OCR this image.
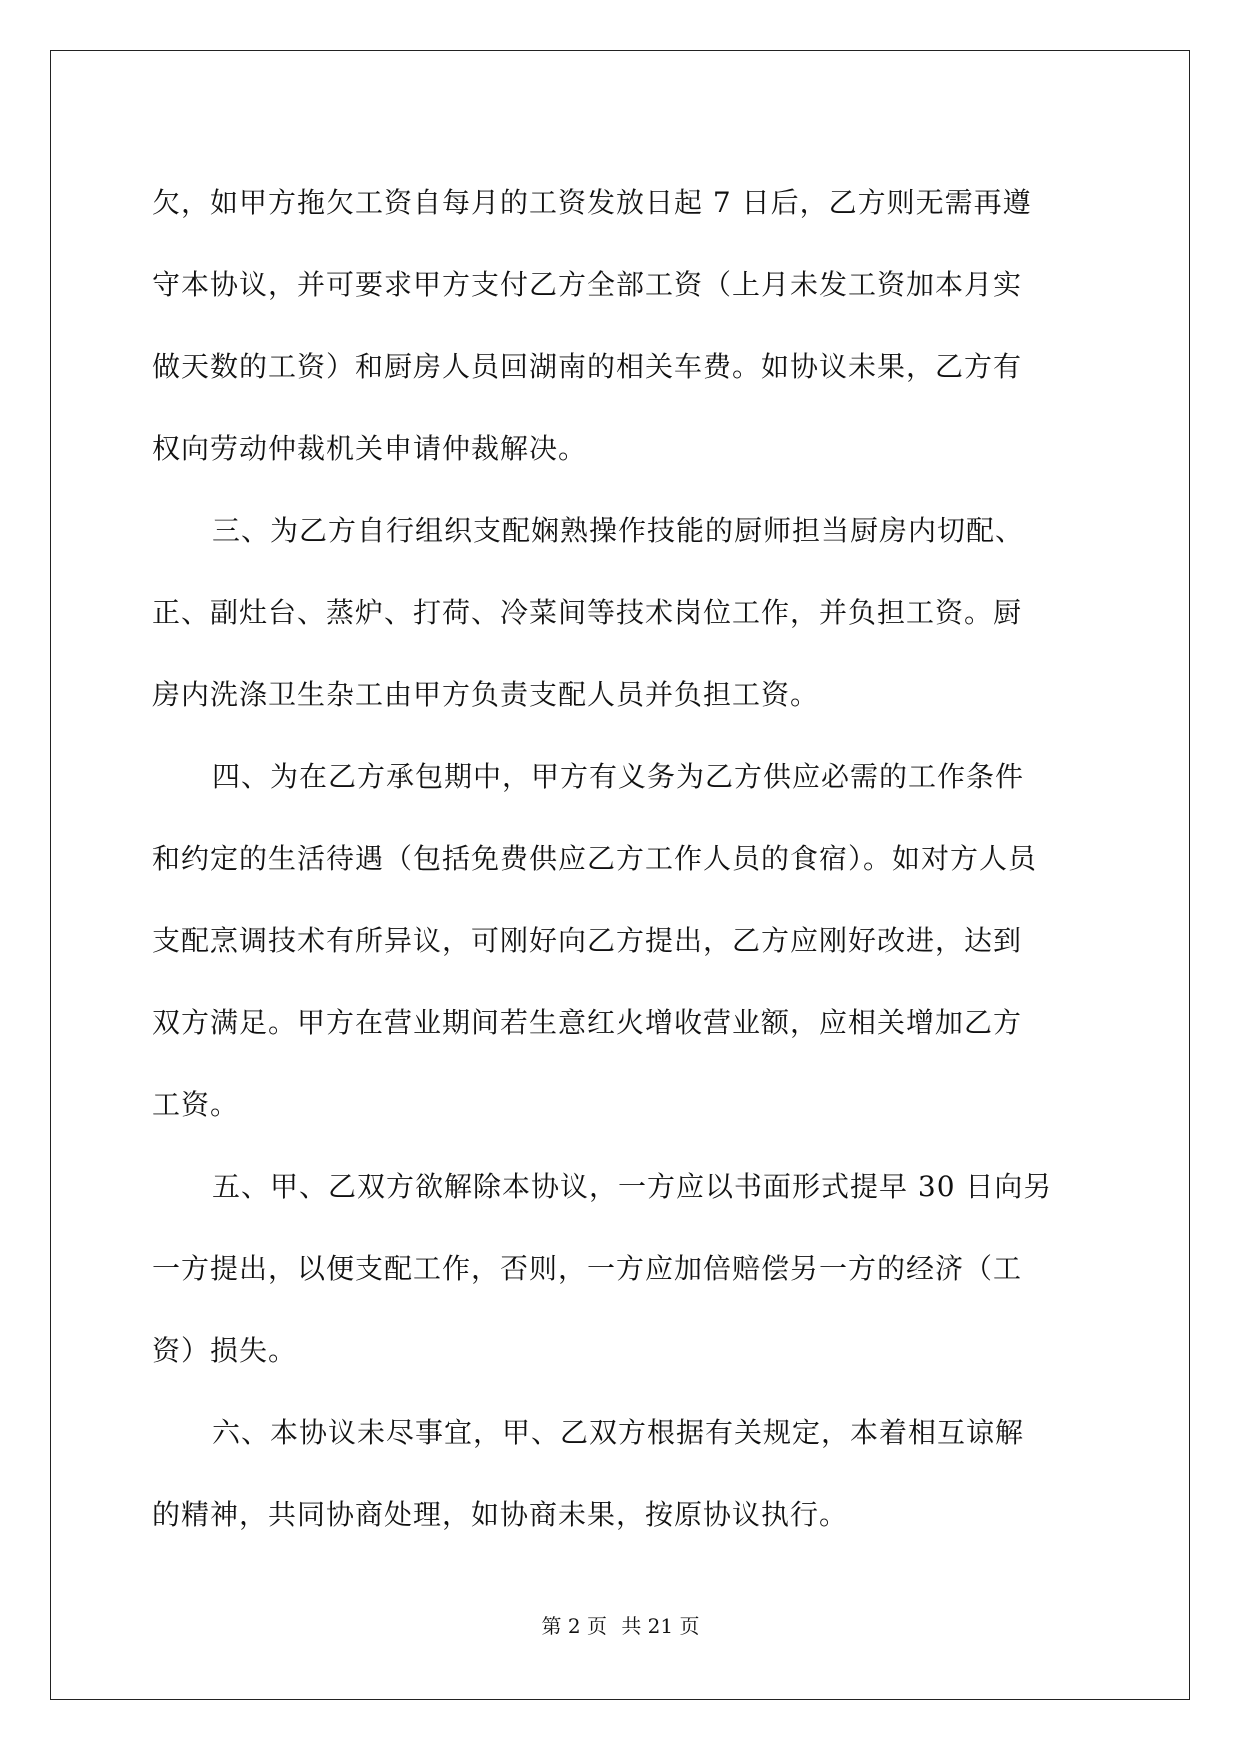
欠，如甲方拖欠工资自每月的工资发放日起 7 日后，乙方则无需再遵
守本协议，并可要求甲方支付乙方全部工资（上月未发工资加本月实
做天数的工资）和厨房人员回湖南的相关车费。如协议未果，乙方有
权向劳动仲裁机关申请仲裁解决。
三、为乙方自行组织支配娴熟操作技能的厨师担当厨房内切配、
正、副灶台、蒸炉、打荷、冷菜间等技术岗位工作，并负担工资。厨
房内洗涤卫生杂工由甲方负责支配人员并负担工资。
四、为在乙方承包期中，甲方有义务为乙方供应必需的工作条件
和约定的生活待遇（包括免费供应乙方工作人员的食宿）。如对方人员
支配烹调技术有所异议，可刚好向乙方提出，乙方应刚好改进，达到
双方满足。甲方在营业期间若生意红火增收营业额，应相关增加乙方
工资。
五、甲、乙双方欲解除本协议，一方应以书面形式提早 30 日向另
一方提出，以便支配工作，否则，一方应加倍赔偿另一方的经济（工
资）损失。
六、本协议未尽事宜，甲、乙双方根据有关规定，本着相互谅解
的精神，共同协商处理，如协商未果，按原协议执行。
第 2 页 共 21 页
